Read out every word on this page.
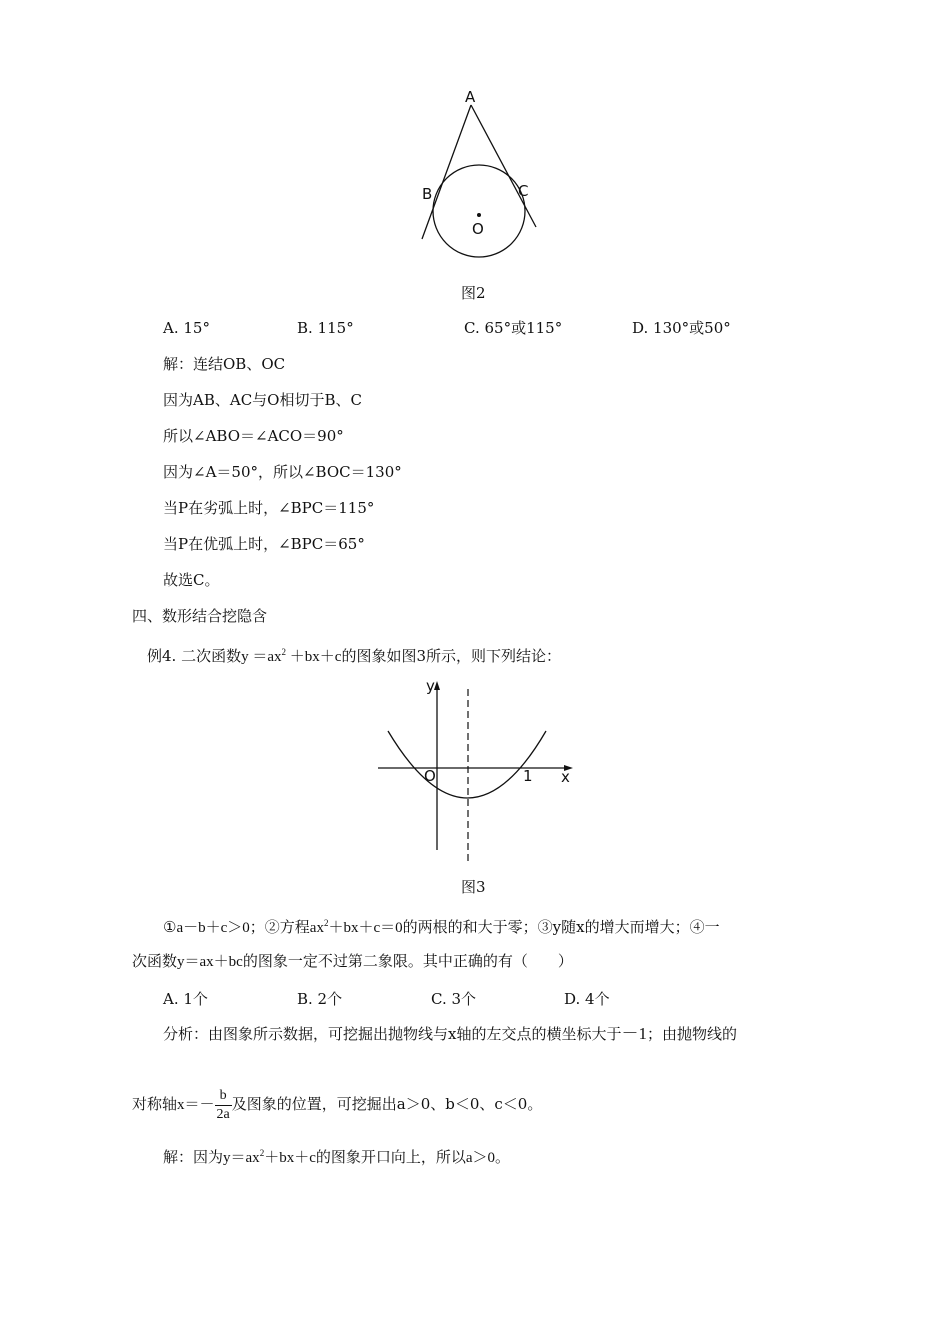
A
B	C
O
图2
A. 15°	B. 115°	C. 65°或115°	D. 130°或50°
解：连结OB、OC
因为AB、AC与O相切于B、C
所以∠ABO＝∠ACO＝90°
因为∠A＝50°，所以∠BOC＝130°
当P在劣弧上时，∠BPC＝115°
当P在优弧上时，∠BPC＝65°
故选C。
四、数形结合挖隐含
例4. 二次函数$y =ax^2 +bx+c$的图象如图3所示，则下列结论：
y
x
O	1
图3
①a－b＋c＞0；②方程$ax^2+bx+c=0$的两根的和大于零；③y随x的增大而增大；④一
次函数y＝ax＋bc的图象一定不过第二象限。其中正确的有（　　）
A. 1个	B. 2个	C. 3个	D. 4个
分析：由图象所示数据，可挖掘出抛物线与x轴的左交点的横坐标大于－1；由抛物线的
对称轴$x=- \frac{b}{2a}$ 及图象的位置，可挖掘出a＞0、b＜0、c＜0。
解：因为$y=ax^2+bx+c$的图象开口向上，所以a＞0。
